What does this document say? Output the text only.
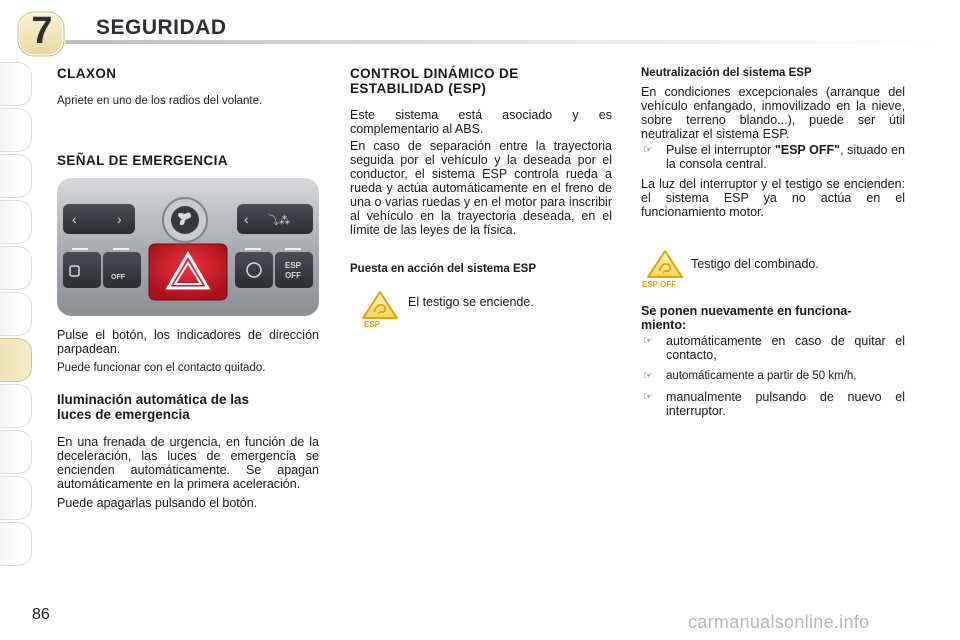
7	SEGURIDAD
CLAXON

Apriete en uno de los radios del volante.

SEÑAL DE EMERGENCIA
‹	›	‹ ⤵︎⁂
OFF
ESP
OFF

Pulse el botón, los indicadores de dirección parpadean.

Puede funcionar con el contacto quitado.

Iluminación automática de las
luces de emergencia

En una frenada de urgencia, en función de la deceleración, las luces de emergencia se encienden automáticamente. Se apagan automáticamente en la primera aceleración.

Puede apagarlas pulsando el botón.

CONTROL DINÁMICO DE
ESTABILIDAD (ESP)

Este sistema está asociado y es complementario al ABS.

En caso de separación entre la trayectoria seguida por el vehículo y la deseada por el conductor, el sistema ESP controla rueda a rueda y actúa automáticamente en el freno de una o varias ruedas y en el motor para inscribir al vehículo en la trayectoria deseada, en el límite de las leyes de la física.

Puesta en acción del sistema ESP
ESP
El testigo se enciende.
Neutralización del sistema ESP

En condiciones excepcionales (arranque del vehículo enfangado, inmovilizado en la nieve, sobre terreno blando...), puede ser útil neutralizar el sistema ESP.

☞ Pulse el interruptor "ESP OFF", situado en la consola central.

La luz del interruptor y el testigo se encienden: el sistema ESP ya no actúa en el funcionamiento motor.

ESP OFF
Testigo del combinado.
Se ponen nuevamente en funciona-
miento:
☞ automáticamente en caso de quitar el contacto,
☞ automáticamente a partir de 50 km/h,
☞ manualmente pulsando de nuevo el interruptor.
86	carmanualsonline.info
